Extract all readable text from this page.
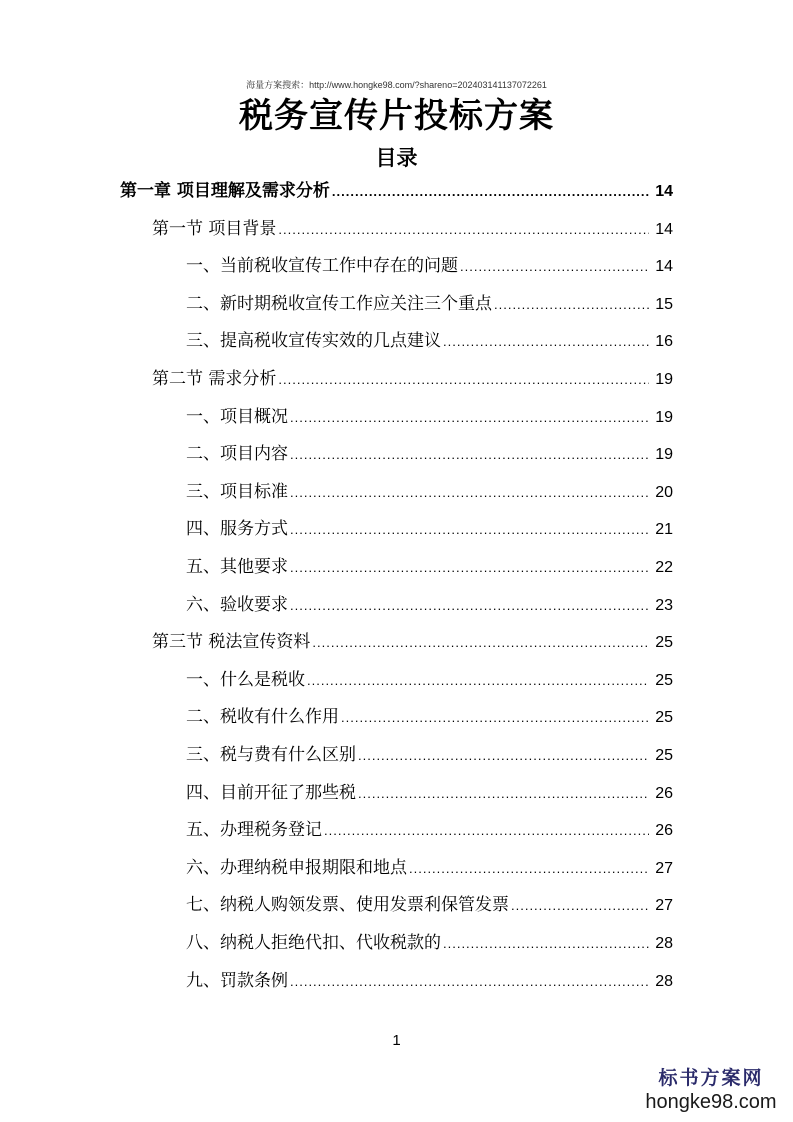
海量方案搜索：http://www.hongke98.com/?shareno=20240314113707226​1
税务宣传片投标方案
目录
第一章 项目理解及需求分析 .....	14
第一节 项目背景 .....	14
一、当前税收宣传工作中存在的问题 .....	14
二、新时期税收宣传工作应关注三个重点 .....	15
三、提高税收宣传实效的几点建议 .....	16
第二节 需求分析 .....	19
一、项目概况 .....	19
二、项目内容 .....	19
三、项目标准 .....	20
四、服务方式 .....	21
五、其他要求 .....	22
六、验收要求 .....	23
第三节 税法宣传资料 .....	25
一、什么是税收 .....	25
二、税收有什么作用 .....	25
三、税与费有什么区别 .....	25
四、目前开征了那些税 .....	26
五、办理税务登记 .....	26
六、办理纳税申报期限和地点 .....	27
七、纳税人购领发票、使用发票利保管发票 .....	27
八、纳税人拒绝代扣、代收税款的 .....	28
九、罚款条例 .....	28
1
标书方案网
hongke98.com
